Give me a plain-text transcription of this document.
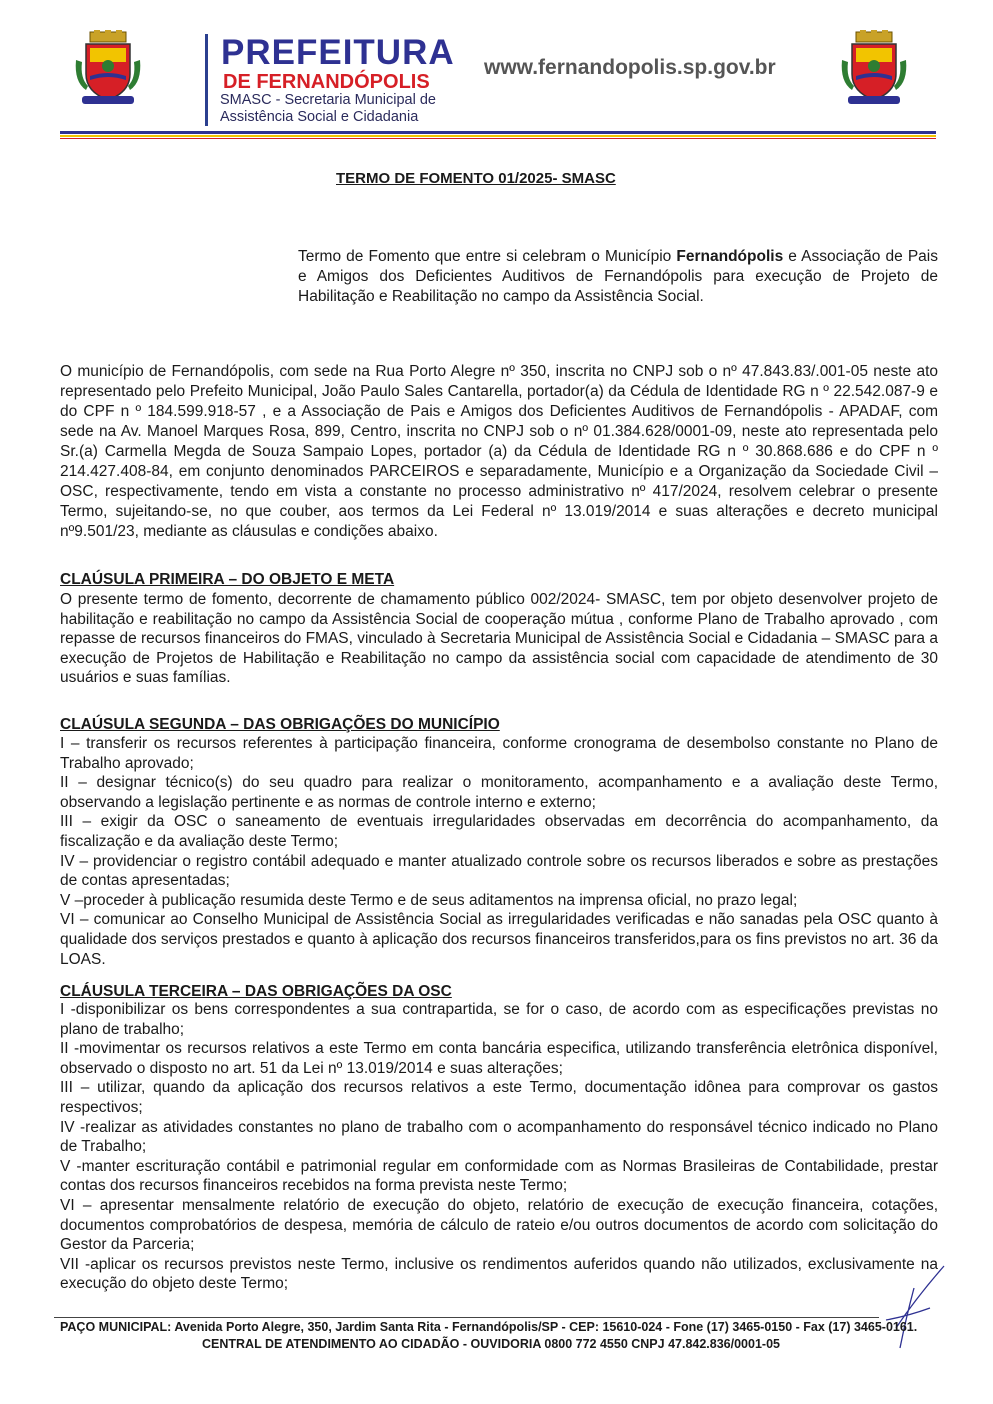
PREFEITURA
DE FERNANDÓPOLIS
SMASC - Secretaria Municipal de
Assistência Social e Cidadania
www.fernandopolis.sp.gov.br
TERMO DE FOMENTO 01/2025- SMASC
Termo de Fomento que entre si celebram o Município Fernandópolis e Associação de Pais e Amigos dos Deficientes Auditivos de Fernandópolis para execução de Projeto de Habilitação e Reabilitação no campo da Assistência Social.
O município de Fernandópolis, com sede na Rua Porto Alegre nº 350, inscrita no CNPJ sob o nº 47.843.83/.001-05 neste ato representado pelo Prefeito Municipal, João Paulo Sales Cantarella, portador(a) da Cédula de Identidade RG n º 22.542.087-9 e do CPF n º 184.599.918-57 , e a Associação de Pais e Amigos dos Deficientes Auditivos de Fernandópolis - APADAF, com sede na Av. Manoel Marques Rosa, 899, Centro, inscrita no CNPJ sob o nº 01.384.628/0001-09, neste ato representada pelo Sr.(a) Carmella Megda de Souza Sampaio Lopes, portador (a) da Cédula de Identidade RG n º 30.868.686 e do CPF n º 214.427.408-84, em conjunto denominados PARCEIROS e separadamente, Município e a Organização da Sociedade Civil – OSC, respectivamente, tendo em vista a constante no processo administrativo nº 417/2024, resolvem celebrar o presente Termo, sujeitando-se, no que couber, aos termos da Lei Federal nº 13.019/2014 e suas alterações e decreto municipal nº9.501/23, mediante as cláusulas e condições abaixo.
CLAÚSULA PRIMEIRA – DO OBJETO E META

O presente termo de fomento, decorrente de chamamento público 002/2024- SMASC, tem por objeto desenvolver projeto de habilitação e reabilitação no campo da Assistência Social de cooperação mútua , conforme Plano de Trabalho aprovado , com repasse de recursos financeiros do FMAS, vinculado à Secretaria Municipal de Assistência Social e Cidadania – SMASC para a execução de Projetos de Habilitação e Reabilitação no campo da assistência social com capacidade de atendimento de 30 usuários e suas famílias.

CLAÚSULA SEGUNDA – DAS OBRIGAÇÕES DO MUNICÍPIO

I – transferir os recursos referentes à participação financeira, conforme cronograma de desembolso constante no Plano de Trabalho aprovado;

II – designar técnico(s) do seu quadro para realizar o monitoramento, acompanhamento e a avaliação deste Termo, observando a legislação pertinente e as normas de controle interno e externo;

III – exigir da OSC o saneamento de eventuais irregularidades observadas em decorrência do acompanhamento, da fiscalização e da avaliação deste Termo;

IV – providenciar o registro contábil adequado e manter atualizado controle sobre os recursos liberados e sobre as prestações de contas apresentadas;

V –proceder à publicação resumida deste Termo e de seus aditamentos na imprensa oficial, no prazo legal;

VI – comunicar ao Conselho Municipal de Assistência Social as irregularidades verificadas e não sanadas pela OSC quanto à qualidade dos serviços prestados e quanto à aplicação dos recursos financeiros transferidos,para os fins previstos no art. 36 da LOAS.

CLÁUSULA TERCEIRA – DAS OBRIGAÇÕES DA OSC

I -disponibilizar os bens correspondentes a sua contrapartida, se for o caso, de acordo com as especificações previstas no plano de trabalho;

II -movimentar os recursos relativos a este Termo em conta bancária especifica, utilizando transferência eletrônica disponível, observado o disposto no art. 51 da Lei nº 13.019/2014 e suas alterações;

III – utilizar, quando da aplicação dos recursos relativos a este Termo, documentação idônea para comprovar os gastos respectivos;

IV -realizar as atividades constantes no plano de trabalho com o acompanhamento do responsável técnico indicado no Plano de Trabalho;

V -manter escrituração contábil e patrimonial regular em conformidade com as Normas Brasileiras de Contabilidade, prestar contas dos recursos financeiros recebidos na forma prevista neste Termo;

VI – apresentar mensalmente relatório de execução do objeto, relatório de execução de execução financeira, cotações, documentos comprobatórios de despesa, memória de cálculo de rateio e/ou outros documentos de acordo com solicitação do Gestor da Parceria;

VII -aplicar os recursos previstos neste Termo, inclusive os rendimentos auferidos quando não utilizados, exclusivamente na execução do objeto deste Termo;

PAÇO MUNICIPAL: Avenida Porto Alegre, 350, Jardim Santa Rita - Fernandópolis/SP - CEP: 15610-024 - Fone (17) 3465-0150 - Fax (17) 3465-0161.
CENTRAL DE ATENDIMENTO AO CIDADÃO - OUVIDORIA 0800 772 4550 CNPJ 47.842.836/0001-05
